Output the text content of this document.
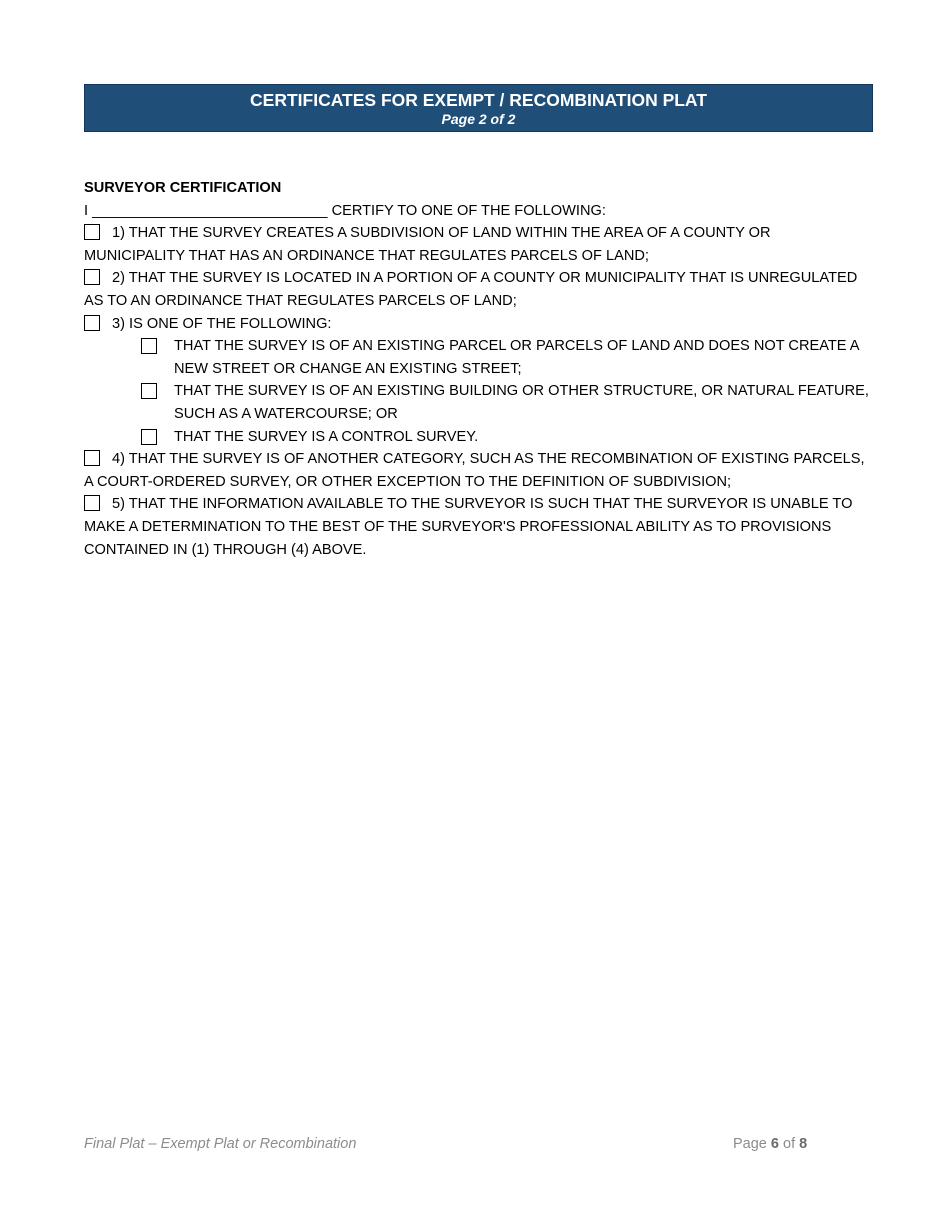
CERTIFICATES FOR EXEMPT / RECOMBINATION PLAT
Page 2 of 2
SURVEYOR CERTIFICATION
I _____________________________ CERTIFY TO ONE OF THE FOLLOWING:
1) THAT THE SURVEY CREATES A SUBDIVISION OF LAND WITHIN THE AREA OF A COUNTY OR MUNICIPALITY THAT HAS AN ORDINANCE THAT REGULATES PARCELS OF LAND;
2) THAT THE SURVEY IS LOCATED IN A PORTION OF A COUNTY OR MUNICIPALITY THAT IS UNREGULATED AS TO AN ORDINANCE THAT REGULATES PARCELS OF LAND;
3) IS ONE OF THE FOLLOWING:
THAT THE SURVEY IS OF AN EXISTING PARCEL OR PARCELS OF LAND AND DOES NOT CREATE A NEW STREET OR CHANGE AN EXISTING STREET;
THAT THE SURVEY IS OF AN EXISTING BUILDING OR OTHER STRUCTURE, OR NATURAL FEATURE, SUCH AS A WATERCOURSE; OR
THAT THE SURVEY IS A CONTROL SURVEY.
4) THAT THE SURVEY IS OF ANOTHER CATEGORY, SUCH AS THE RECOMBINATION OF EXISTING PARCELS, A COURT-ORDERED SURVEY, OR OTHER EXCEPTION TO THE DEFINITION OF SUBDIVISION;
5) THAT THE INFORMATION AVAILABLE TO THE SURVEYOR IS SUCH THAT THE SURVEYOR IS UNABLE TO MAKE A DETERMINATION TO THE BEST OF THE SURVEYOR'S PROFESSIONAL ABILITY AS TO PROVISIONS CONTAINED IN (1) THROUGH (4) ABOVE.
Final Plat – Exempt Plat or Recombination	Page 6 of 8
